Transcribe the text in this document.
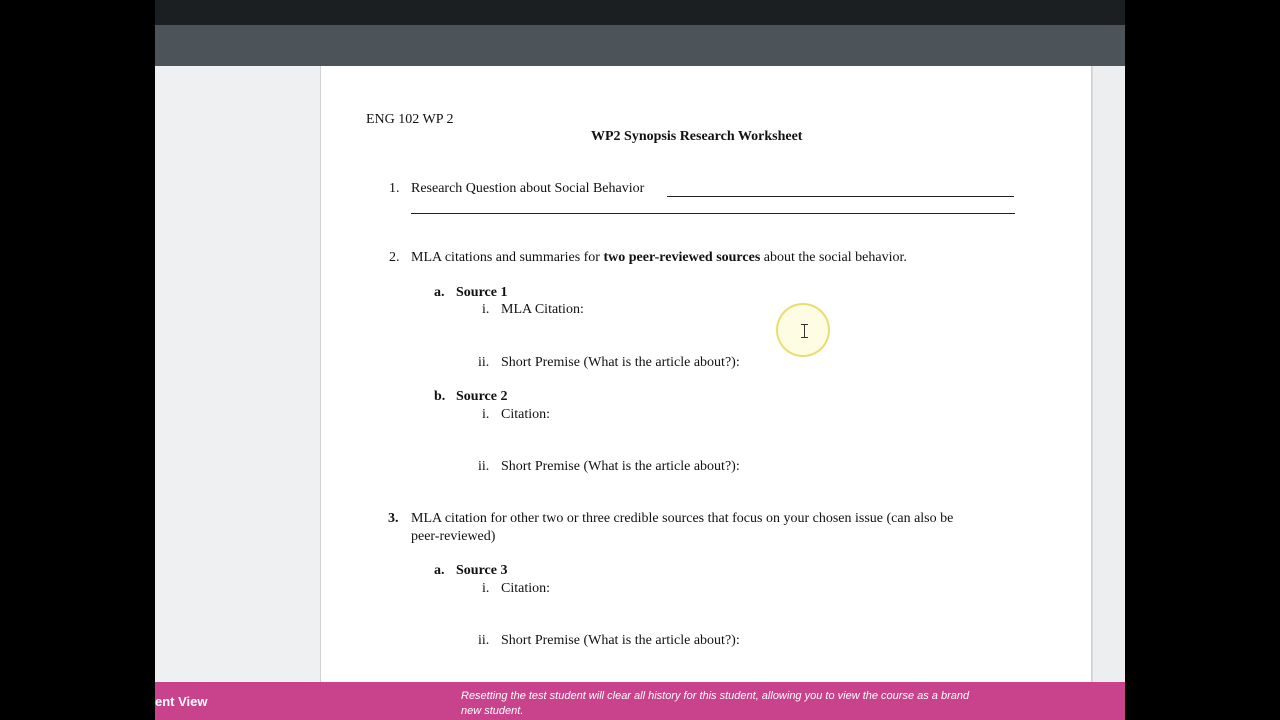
ENG 102 WP 2
WP2 Synopsis Research Worksheet
1. Research Question about Social Behavior
2. MLA citations and summaries for two peer-reviewed sources about the social behavior.
a. Source 1
i. MLA Citation:
ii. Short Premise (What is the article about?):
b. Source 2
i. Citation:
ii. Short Premise (What is the article about?):
3. MLA citation for other two or three credible sources that focus on your chosen issue (can also be
peer-reviewed)
a. Source 3
i. Citation:
ii. Short Premise (What is the article about?):
ent View	Resetting the test student will clear all history for this student, allowing you to view the course as a brand new student.
